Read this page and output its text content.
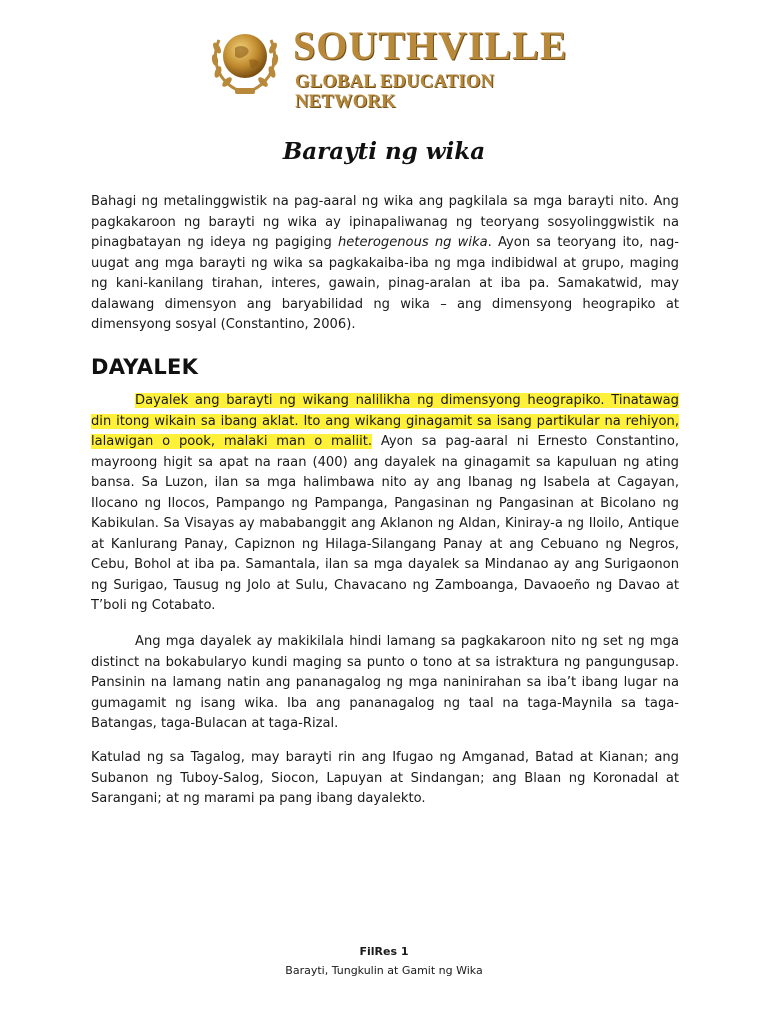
SOUTHVILLE
GLOBAL EDUCATION NETWORK
Barayti ng wika

Bahagi ng metalinggwistik na pag-aaral ng wika ang pagkilala sa mga barayti nito. Ang pagkakaroon ng barayti ng wika ay ipinapaliwanag ng teoryang sosyolinggwistik na pinagbatayan ng ideya ng pagiging heterogenous ng wika. Ayon sa teoryang ito, nag-uugat ang mga barayti ng wika sa pagkakaiba-iba ng mga indibidwal at grupo, maging ng kani-kanilang tirahan, interes, gawain, pinag-aralan at iba pa. Samakatwid, may dalawang dimensyon ang baryabilidad ng wika – ang dimensyong heograpiko at dimensyong sosyal (Constantino, 2006).

DAYALEK

Dayalek ang barayti ng wikang nalilikha ng dimensyong heograpiko. Tinatawag din itong wikain sa ibang aklat. Ito ang wikang ginagamit sa isang partikular na rehiyon, lalawigan o pook, malaki man o maliit. Ayon sa pag-aaral ni Ernesto Constantino, mayroong higit sa apat na raan (400) ang dayalek na ginagamit sa kapuluan ng ating bansa. Sa Luzon, ilan sa mga halimbawa nito ay ang Ibanag ng Isabela at Cagayan, Ilocano ng Ilocos, Pampango ng Pampanga, Pangasinan ng Pangasinan at Bicolano ng Kabikulan. Sa Visayas ay mababanggit ang Aklanon ng Aldan, Kiniray-a ng Iloilo, Antique at Kanlurang Panay, Capiznon ng Hilaga-Silangang Panay at ang Cebuano ng Negros, Cebu, Bohol at iba pa. Samantala, ilan sa mga dayalek sa Mindanao ay ang Surigaonon ng Surigao, Tausug ng Jolo at Sulu, Chavacano ng Zamboanga, Davaoeño ng Davao at T’boli ng Cotabato.

Ang mga dayalek ay makikilala hindi lamang sa pagkakaroon nito ng set ng mga distinct na bokabularyo kundi maging sa punto o tono at sa istraktura ng pangungusap. Pansinin na lamang natin ang pananagalog ng mga naninirahan sa iba’t ibang lugar na gumagamit ng isang wika. Iba ang pananagalog ng taal na taga-Maynila sa taga-Batangas, taga-Bulacan at taga-Rizal.

Katulad ng sa Tagalog, may barayti rin ang Ifugao ng Amganad, Batad at Kianan; ang Subanon ng Tuboy-Salog, Siocon, Lapuyan at Sindangan; ang Blaan ng Koronadal at Sarangani; at ng marami pa pang ibang dayalekto.

FilRes 1
Barayti, Tungkulin at Gamit ng Wika
